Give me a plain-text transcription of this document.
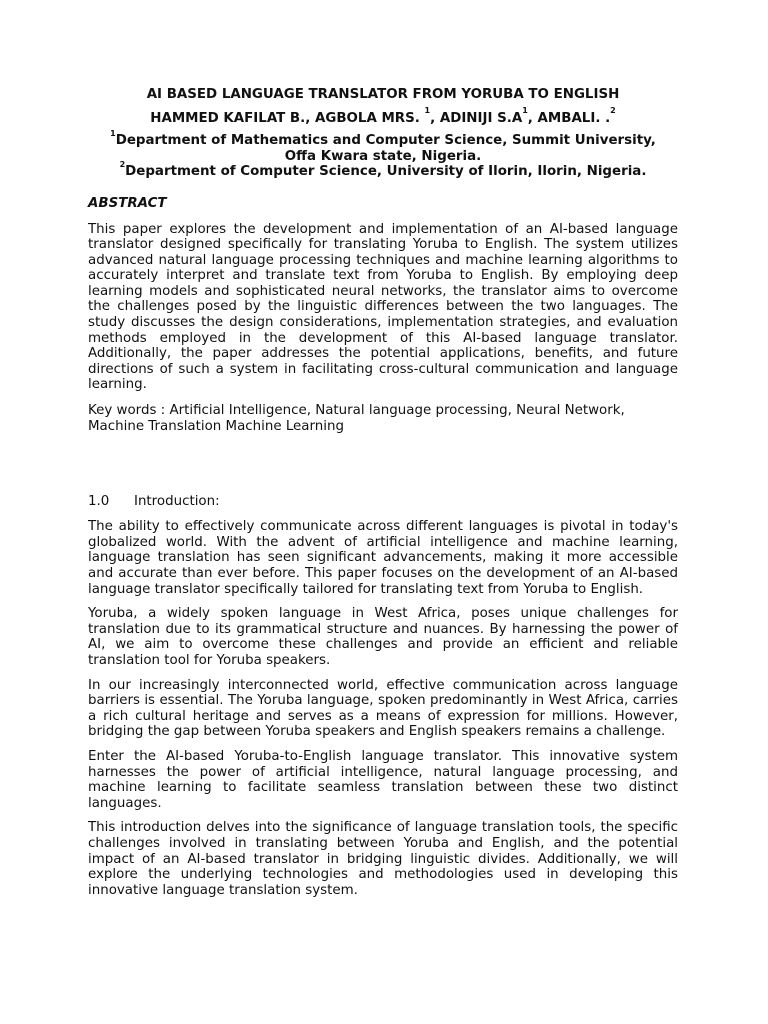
AI BASED LANGUAGE TRANSLATOR FROM YORUBA TO ENGLISH

HAMMED KAFILAT B., AGBOLA MRS. $^1$, ADINIJI $S.A^1$, AMBALI. .$^2$

$^1$Department of Mathematics and Computer Science, Summit University,
Offa Kwara state, Nigeria.

$^2$Department of Computer Science, University of Ilorin, Ilorin, Nigeria.

ABSTRACT

This paper explores the development and implementation of an AI-based language translator designed specifically for translating Yoruba to English. The system utilizes advanced natural language processing techniques and machine learning algorithms to accurately interpret and translate text from Yoruba to English. By employing deep learning models and sophisticated neural networks, the translator aims to overcome the challenges posed by the linguistic differences between the two languages. The study discusses the design considerations, implementation strategies, and evaluation methods employed in the development of this AI-based language translator. Additionally, the paper addresses the potential applications, benefits, and future directions of such a system in facilitating cross-cultural communication and language learning.

Key words : Artificial Intelligence, Natural language processing, Neural Network, Machine Translation Machine Learning

1.0 Introduction:

The ability to effectively communicate across different languages is pivotal in today's globalized world. With the advent of artificial intelligence and machine learning, language translation has seen significant advancements, making it more accessible and accurate than ever before. This paper focuses on the development of an AI-based language translator specifically tailored for translating text from Yoruba to English.

Yoruba, a widely spoken language in West Africa, poses unique challenges for translation due to its grammatical structure and nuances. By harnessing the power of AI, we aim to overcome these challenges and provide an efficient and reliable translation tool for Yoruba speakers.

In our increasingly interconnected world, effective communication across language barriers is essential. The Yoruba language, spoken predominantly in West Africa, carries a rich cultural heritage and serves as a means of expression for millions. However, bridging the gap between Yoruba speakers and English speakers remains a challenge.

Enter the AI-based Yoruba-to-English language translator. This innovative system harnesses the power of artificial intelligence, natural language processing, and machine learning to facilitate seamless translation between these two distinct languages.

This introduction delves into the significance of language translation tools, the specific challenges involved in translating between Yoruba and English, and the potential impact of an AI-based translator in bridging linguistic divides. Additionally, we will explore the underlying technologies and methodologies used in developing this innovative language translation system.
